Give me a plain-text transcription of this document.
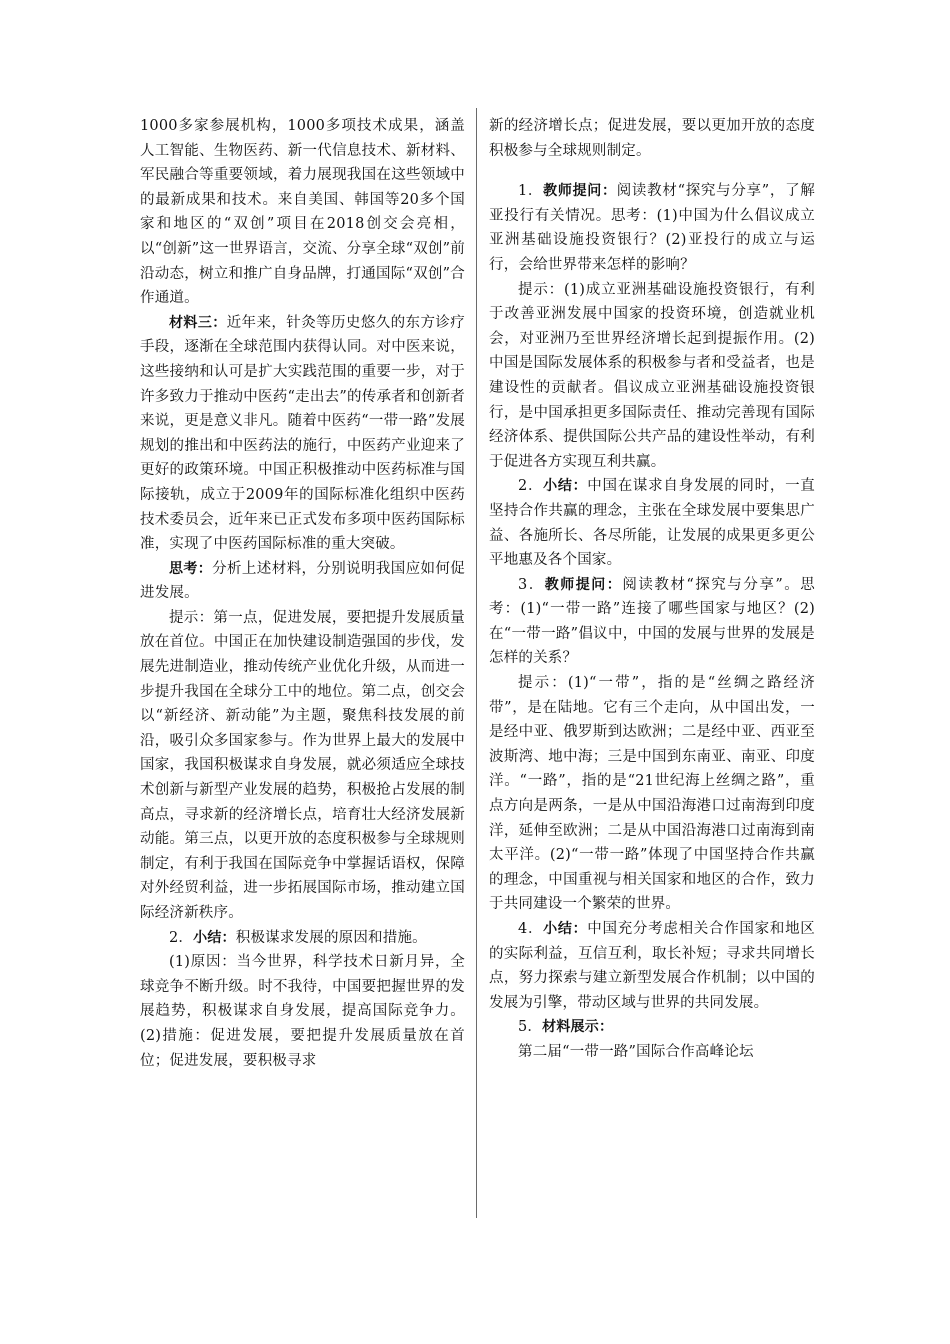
1000多家参展机构，1000多项技术成果，涵盖人工智能、生物医药、新一代信息技术、新材料、军民融合等重要领域，着力展现我国在这些领域中的最新成果和技术。来自美国、韩国等20多个国家和地区的“双创”项目在2018创交会亮相，以“创新”这一世界语言，交流、分享全球“双创”前沿动态，树立和推广自身品牌，打通国际“双创”合作通道。

材料三：近年来，针灸等历史悠久的东方诊疗手段，逐渐在全球范围内获得认同。对中医来说，这些接纳和认可是扩大实践范围的重要一步，对于许多致力于推动中医药“走出去”的传承者和创新者来说，更是意义非凡。随着中医药“一带一路”发展规划的推出和中医药法的施行，中医药产业迎来了更好的政策环境。中国正积极推动中医药标准与国际接轨，成立于2009年的国际标准化组织中医药技术委员会，近年来已正式发布多项中医药国际标准，实现了中医药国际标准的重大突破。

思考：分析上述材料，分别说明我国应如何促进发展。

提示：第一点，促进发展，要把提升发展质量放在首位。中国正在加快建设制造强国的步伐，发展先进制造业，推动传统产业优化升级，从而进一步提升我国在全球分工中的地位。第二点，创交会以“新经济、新动能”为主题，聚焦科技发展的前沿，吸引众多国家参与。作为世界上最大的发展中国家，我国积极谋求自身发展，就必须适应全球技术创新与新型产业发展的趋势，积极抢占发展的制高点，寻求新的经济增长点，培育壮大经济发展新动能。第三点，以更开放的态度积极参与全球规则制定，有利于我国在国际竞争中掌握话语权，保障对外经贸利益，进一步拓展国际市场，推动建立国际经济新秩序。

2．小结：积极谋求发展的原因和措施。

(1)原因：当今世界，科学技术日新月异，全球竞争不断升级。时不我待，中国要把握世界的发展趋势，积极谋求自身发展，提高国际竞争力。(2)措施：促进发展，要把提升发展质量放在首位；促进发展，要积极寻求

新的经济增长点；促进发展，要以更加开放的态度积极参与全球规则制定。

1．教师提问：阅读教材“探究与分享”，了解亚投行有关情况。思考：(1)中国为什么倡议成立亚洲基础设施投资银行？(2)亚投行的成立与运行，会给世界带来怎样的影响？

提示：(1)成立亚洲基础设施投资银行，有利于改善亚洲发展中国家的投资环境，创造就业机会，对亚洲乃至世界经济增长起到提振作用。(2)中国是国际发展体系的积极参与者和受益者，也是建设性的贡献者。倡议成立亚洲基础设施投资银行，是中国承担更多国际责任、推动完善现有国际经济体系、提供国际公共产品的建设性举动，有利于促进各方实现互利共赢。

2．小结：中国在谋求自身发展的同时，一直坚持合作共赢的理念，主张在全球发展中要集思广益、各施所长、各尽所能，让发展的成果更多更公平地惠及各个国家。

3．教师提问：阅读教材“探究与分享”。思考：(1)“一带一路”连接了哪些国家与地区？(2)在“一带一路”倡议中，中国的发展与世界的发展是怎样的关系？

提示：(1)“一带”，指的是“丝绸之路经济带”，是在陆地。它有三个走向，从中国出发，一是经中亚、俄罗斯到达欧洲；二是经中亚、西亚至波斯湾、地中海；三是中国到东南亚、南亚、印度洋。“一路”，指的是“21世纪海上丝绸之路”，重点方向是两条，一是从中国沿海港口过南海到印度洋，延伸至欧洲；二是从中国沿海港口过南海到南太平洋。(2)“一带一路”体现了中国坚持合作共赢的理念，中国重视与相关国家和地区的合作，致力于共同建设一个繁荣的世界。

4．小结：中国充分考虑相关合作国家和地区的实际利益，互信互利，取长补短；寻求共同增长点，努力探索与建立新型发展合作机制；以中国的发展为引擎，带动区域与世界的共同发展。

5．材料展示：

第二届“一带一路”国际合作高峰论坛
